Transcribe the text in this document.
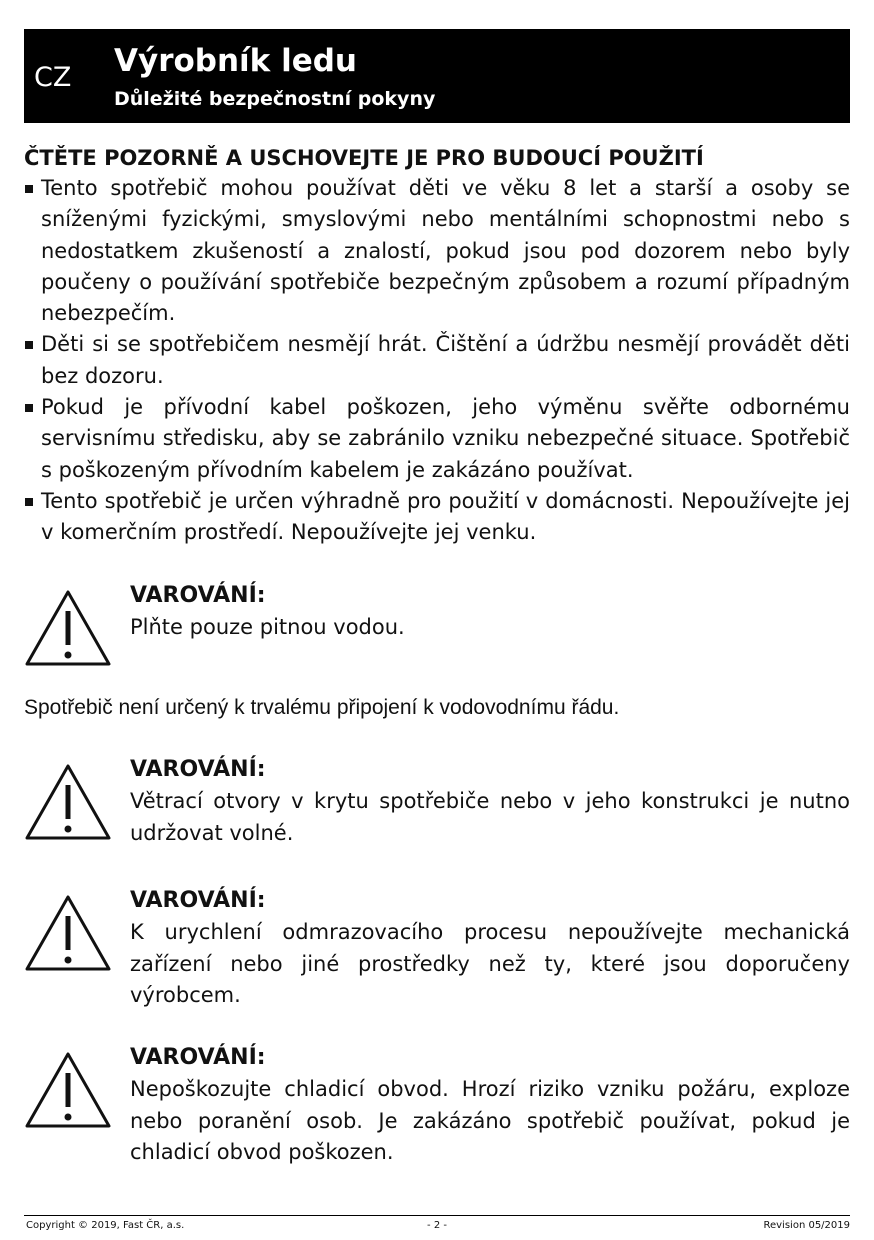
CZ Výrobník ledu
Důležité bezpečnostní pokyny
ČTĚTE POZORNĚ A USCHOVEJTE JE PRO BUDOUCÍ POUŽITÍ
Tento spotřebič mohou používat děti ve věku 8 let a starší a osoby se sníženými fyzickými, smyslovými nebo mentálními schopnostmi nebo s nedostatkem zkušeností a znalostí, pokud jsou pod dozorem nebo byly poučeny o používání spotřebiče bezpečným způsobem a rozumí případným nebezpečím.
Děti si se spotřebičem nesmějí hrát. Čištění a údržbu nesmějí provádět děti bez dozoru.
Pokud je přívodní kabel poškozen, jeho výměnu svěřte odbornému servisnímu středisku, aby se zabránilo vzniku nebezpečné situace. Spotřebič s poškozeným přívodním kabelem je zakázáno používat.
Tento spotřebič je určen výhradně pro použití v domácnosti. Nepoužívejte jej v komerčním prostředí. Nepoužívejte jej venku.
VAROVÁNÍ:
Plňte pouze pitnou vodou.
Spotřebič není určený k trvalému připojení k vodovodnímu řádu.
VAROVÁNÍ:
Větrací otvory v krytu spotřebiče nebo v jeho konstrukci je nutno udržovat volné.
VAROVÁNÍ:
K urychlení odmrazovacího procesu nepoužívejte mechanická zařízení nebo jiné prostředky než ty, které jsou doporučeny výrobcem.
VAROVÁNÍ:
Nepoškozujte chladicí obvod. Hrozí riziko vzniku požáru, exploze nebo poranění osob. Je zakázáno spotřebič používat, pokud je chladicí obvod poškozen.
Copyright © 2019, Fast ČR, a.s.	- 2 -	Revision 05/2019
